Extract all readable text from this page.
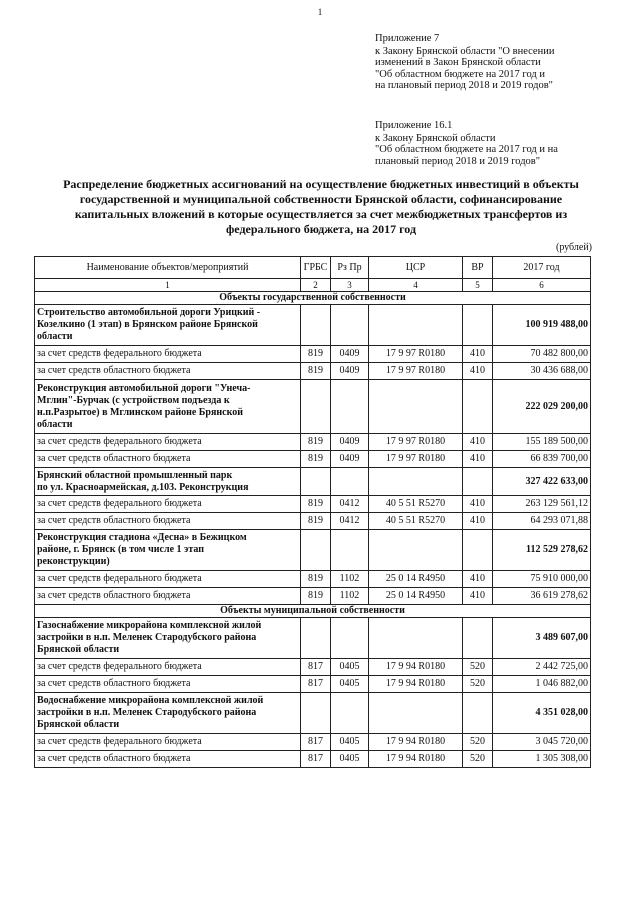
1
Приложение 7
к Закону Брянской области "О внесении
изменений в Закон Брянской области
"Об областном бюджете на 2017 год и
на плановый период 2018 и 2019 годов"
Приложение 16.1
к Закону Брянской области
"Об областном бюджете на 2017 год и на
плановый период 2018 и 2019 годов"
Распределение бюджетных ассигнований на осуществление бюджетных инвестиций в объекты
государственной и муниципальной собственности Брянской области, софинансирование
капитальных вложений в которые осуществляется за счет межбюджетных трансфертов из
федерального бюджета, на 2017 год
(рублей)
Наименование объектов/мероприятий	ГРБС	Рз Пр	ЦСР	ВР	2017 год
1	2	3	4	5	6
Объекты государственной собственности					

Строительство автомобильной дороги Урицкий -
Козелкино (1 этап) в Брянском районе Брянской
области					100 919 488,00
за счет средств федерального бюджета	819	0409	17 9 97 R0180	410	70 482 800,00
за счет средств областного бюджета	819	0409	17 9 97 R0180	410	30 436 688,00

Реконструкция автомобильной дороги "Унеча-
Мглин"-Бурчак (с устройством подъезда к
н.п.Разрытое) в Мглинском районе Брянской
области					222 029 200,00
за счет средств федерального бюджета	819	0409	17 9 97 R0180	410	155 189 500,00
за счет средств областного бюджета	819	0409	17 9 97 R0180	410	66 839 700,00

Брянский областной промышленный парк
по ул. Красноармейская, д.103. Реконструкция					327 422 633,00
за счет средств федерального бюджета	819	0412	40 5 51 R5270	410	263 129 561,12
за счет средств областного бюджета	819	0412	40 5 51 R5270	410	64 293 071,88

Реконструкция стадиона «Десна» в Бежицком
районе, г. Брянск (в том числе 1 этап
реконструкции)					112 529 278,62
за счет средств федерального бюджета	819	1102	25 0 14 R4950	410	75 910 000,00
за счет средств областного бюджета	819	1102	25 0 14 R4950	410	36 619 278,62
Объекты муниципальной собственности					

Газоснабжение микрорайона комплексной жилой
застройки в н.п. Меленек Стародубского района
Брянской области					3 489 607,00
за счет средств федерального бюджета	817	0405	17 9 94 R0180	520	2 442 725,00
за счет средств областного бюджета	817	0405	17 9 94 R0180	520	1 046 882,00

Водоснабжение микрорайона комплексной жилой
застройки в н.п. Меленек Стародубского района
Брянской области					4 351 028,00
за счет средств федерального бюджета	817	0405	17 9 94 R0180	520	3 045 720,00
за счет средств областного бюджета	817	0405	17 9 94 R0180	520	1 305 308,00
